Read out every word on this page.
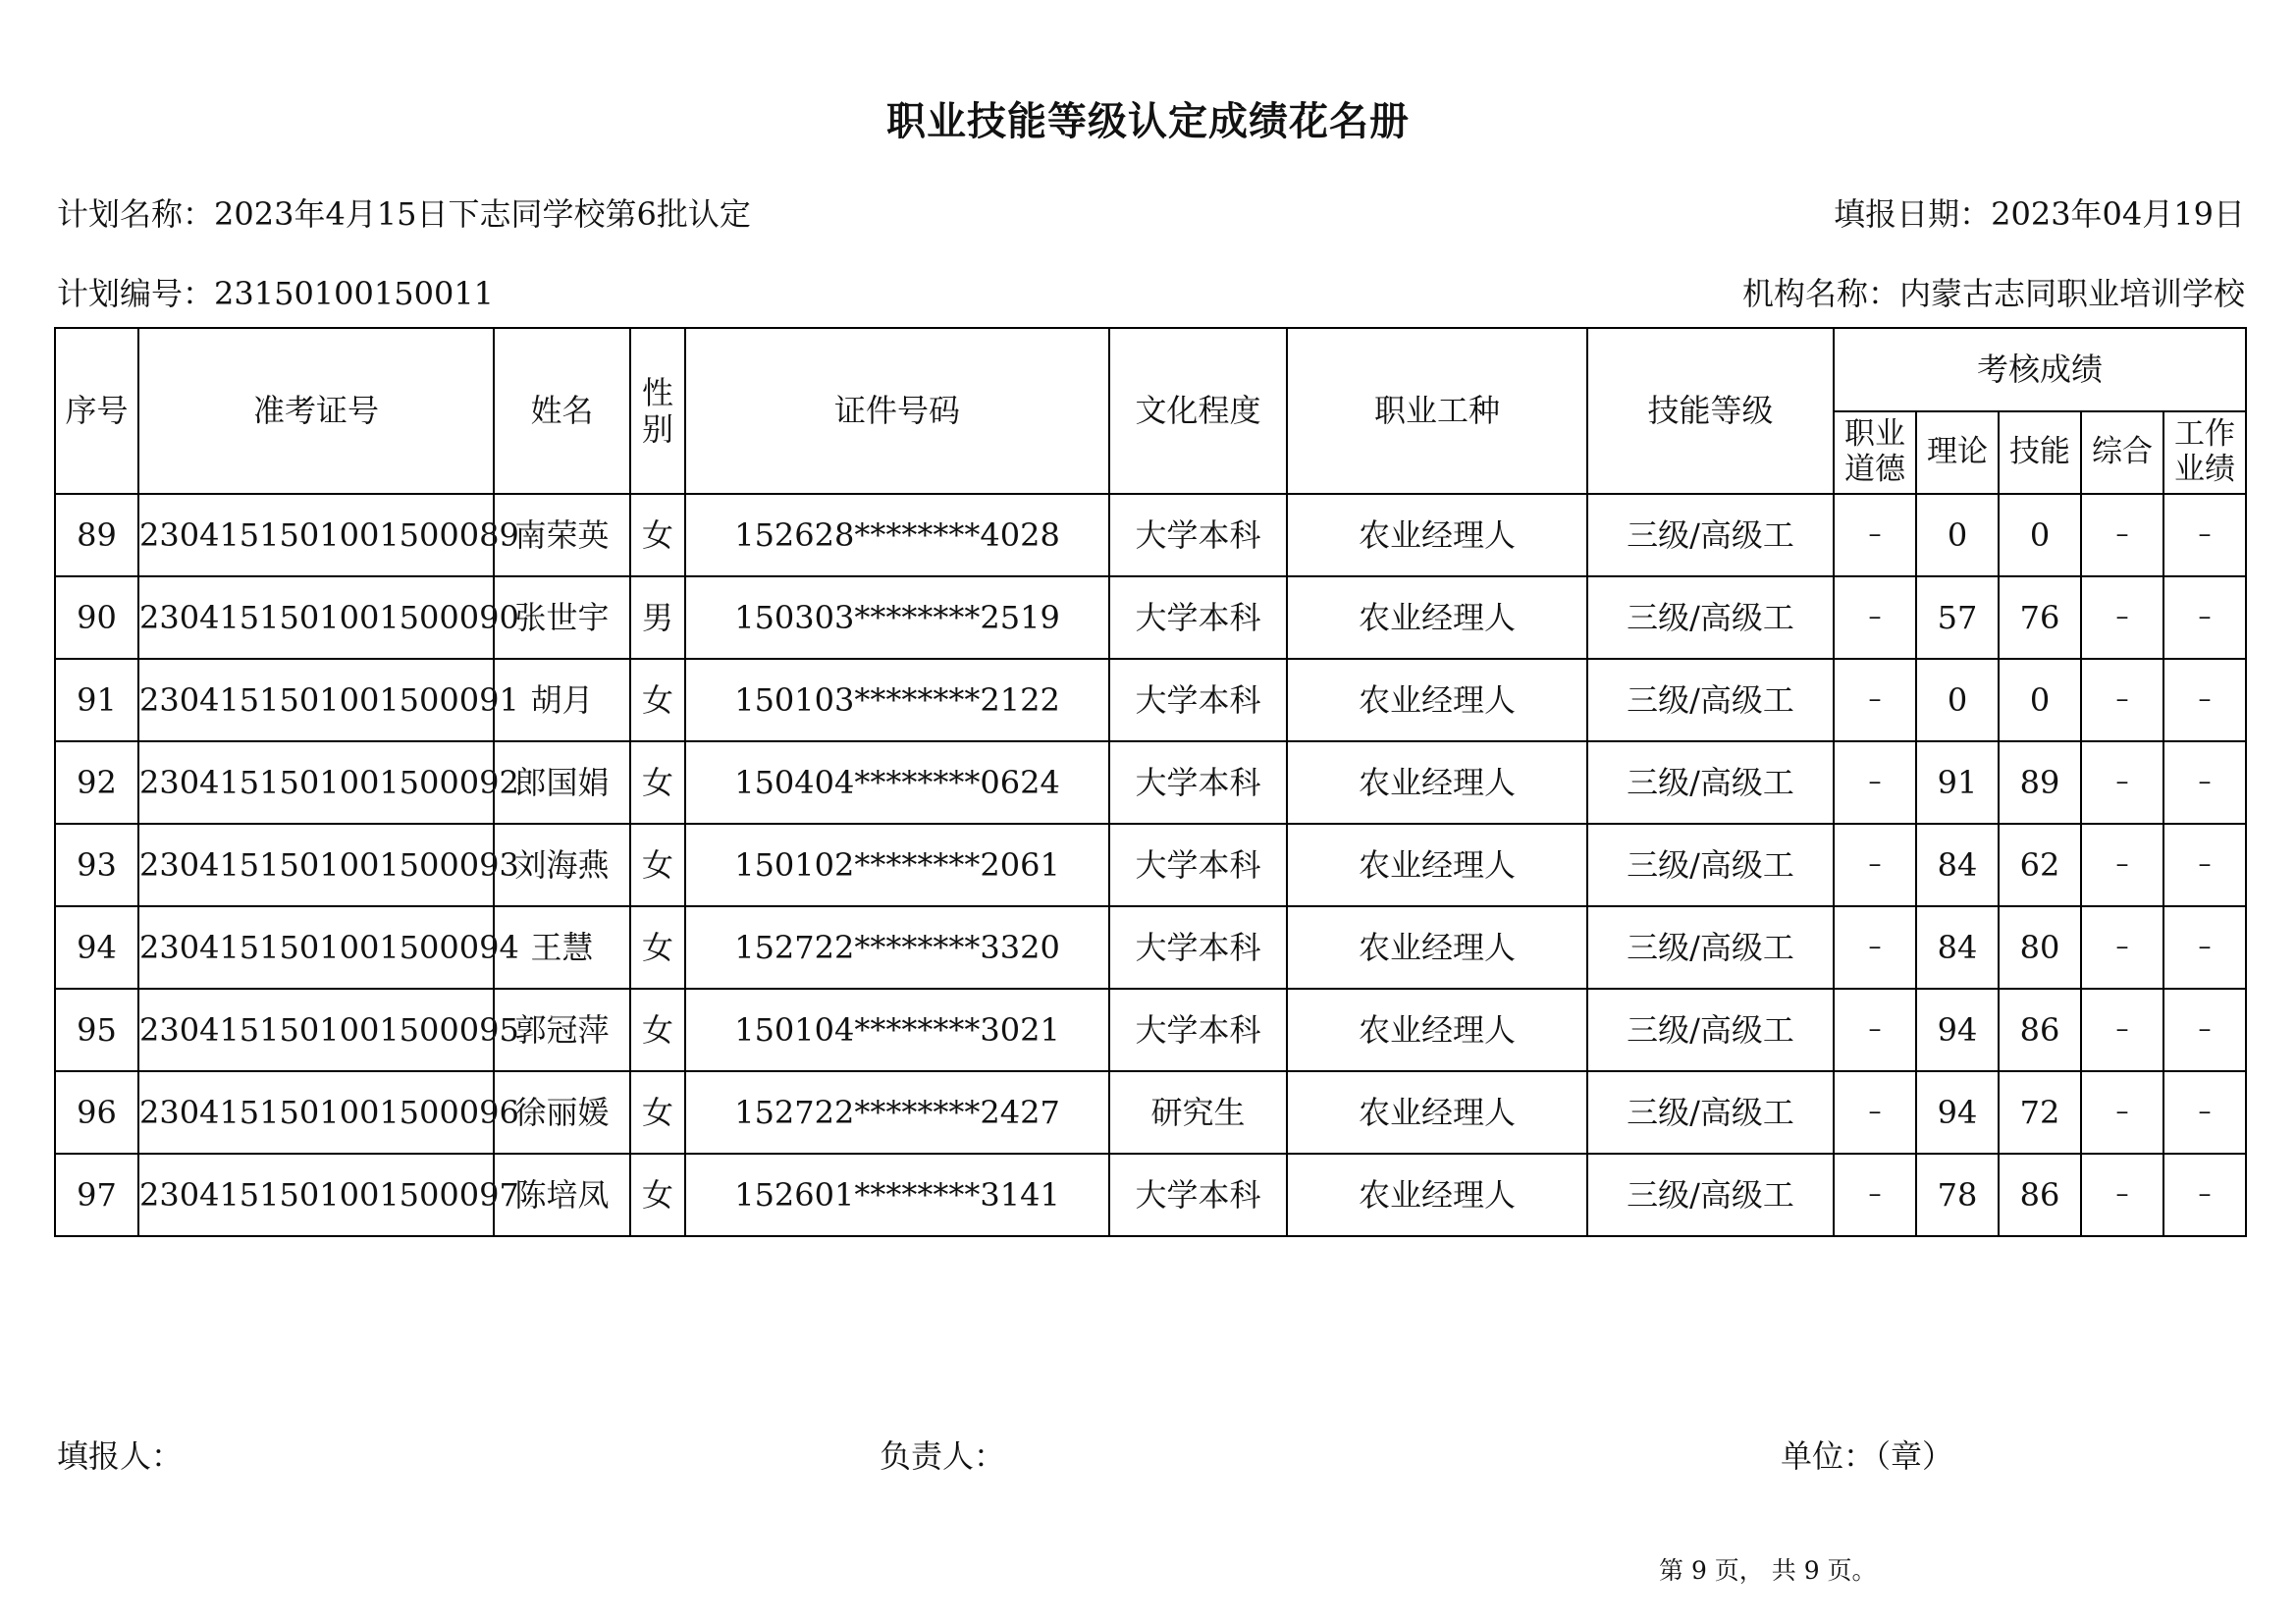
职业技能等级认定成绩花名册
计划名称：2023年4月15日下志同学校第6批认定	填报日期：2023年04月19日
计划编号：23150100150011	机构名称：内蒙古志同职业培训学校
序号	准考证号	姓名	性别	证件号码	文化程度	职业工种	技能等级	考核成绩				
								职业道德	理论	技能	综合	工作业绩
89	2304151501001500089	南荣英	女	152628********4028	大学本科	农业经理人	三级/高级工	–	0	0	–	–
90	2304151501001500090	张世宇	男	150303********2519	大学本科	农业经理人	三级/高级工	–	57	76	–	–
91	2304151501001500091	胡月	女	150103********2122	大学本科	农业经理人	三级/高级工	–	0	0	–	–
92	2304151501001500092	郎国娟	女	150404********0624	大学本科	农业经理人	三级/高级工	–	91	89	–	–
93	2304151501001500093	刘海燕	女	150102********2061	大学本科	农业经理人	三级/高级工	–	84	62	–	–
94	2304151501001500094	王慧	女	152722********3320	大学本科	农业经理人	三级/高级工	–	84	80	–	–
95	2304151501001500095	郭冠萍	女	150104********3021	大学本科	农业经理人	三级/高级工	–	94	86	–	–
96	2304151501001500096	徐丽媛	女	152722********2427	研究生	农业经理人	三级/高级工	–	94	72	–	–
97	2304151501001500097	陈培凤	女	152601********3141	大学本科	农业经理人	三级/高级工	–	78	86	–	–
填报人：	负责人：	单位：（章）
第 9 页， 共 9 页。
